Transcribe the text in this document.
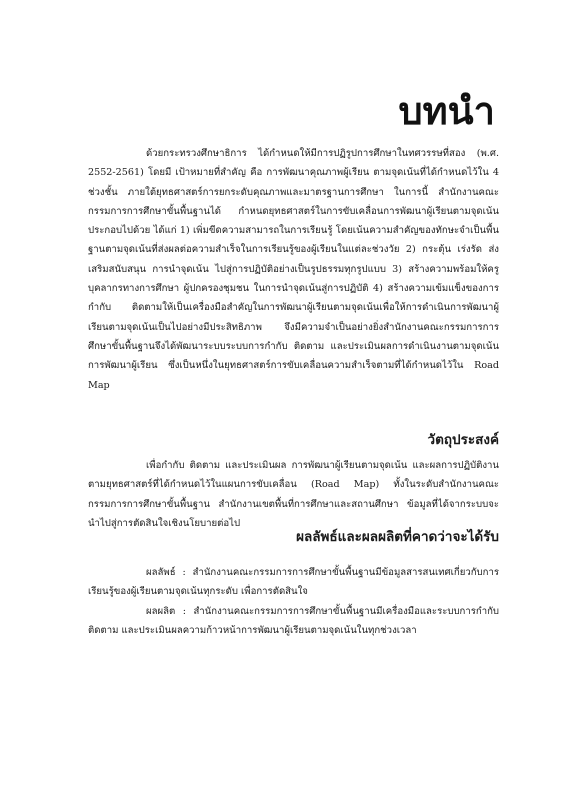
บทนำ

ด้วยกระทรวงศึกษาธิการ ได้กำหนดให้มีการปฏิรูปการศึกษาในทศวรรษที่สอง (พ.ศ. 2552-2561) โดยมี เป้าหมายที่สำคัญ คือ การพัฒนาคุณภาพผู้เรียน ตามจุดเน้นที่ได้กำหนดไว้ใน 4 ช่วงชั้น ภายใต้ยุทธศาสตร์การยกระดับคุณภาพและมาตรฐานการศึกษา ในการนี้ สำนักงานคณะกรรมการการศึกษาขั้นพื้นฐานได้ กำหนดยุทธศาสตร์ในการขับเคลื่อนการพัฒนาผู้เรียนตามจุดเน้น ประกอบไปด้วย ได้แก่ 1) เพิ่มขีดความสามารถในการเรียนรู้ โดยเน้นความสำคัญของทักษะจำเป็นพื้นฐานตามจุดเน้นที่ส่งผลต่อความสำเร็จในการเรียนรู้ของผู้เรียนในแต่ละช่วงวัย 2) กระตุ้น เร่งรัด ส่งเสริมสนับสนุน การนำจุดเน้น ไปสู่การปฏิบัติอย่างเป็นรูปธรรมทุกรูปแบบ 3) สร้างความพร้อมให้ครู บุคลากรทางการศึกษา ผู้ปกครองชุมชน ในการนำจุดเน้นสู่การปฏิบัติ 4) สร้างความเข้มแข็งของการกำกับ ติดตามให้เป็นเครื่องมือสำคัญในการพัฒนาผู้เรียนตามจุดเน้นเพื่อให้การดำเนินการพัฒนาผู้เรียนตามจุดเน้นเป็นไปอย่างมีประสิทธิภาพ จึงมีความจำเป็นอย่างยิ่งสำนักงานคณะกรรมการการศึกษาขั้นพื้นฐานจึงได้พัฒนาระบบระบบการกำกับ ติดตาม และประเมินผลการดำเนินงานตามจุดเน้นการพัฒนาผู้เรียน ซึ่งเป็นหนึ่งในยุทธศาสตร์การขับเคลื่อนความสำเร็จตามที่ได้กำหนดไว้ใน Road Map

วัตถุประสงค์

เพื่อกำกับ ติดตาม และประเมินผล การพัฒนาผู้เรียนตามจุดเน้น และผลการปฏิบัติงานตามยุทธศาสตร์ที่ได้กำหนดไว้ในแผนการขับเคลื่อน (Road Map) ทั้งในระดับสำนักงานคณะกรรมการการศึกษาขั้นพื้นฐาน สำนักงานเขตพื้นที่การศึกษาและสถานศึกษา ข้อมูลที่ได้จากระบบจะนำไปสู่การตัดสินใจเชิงนโยบายต่อไป

ผลลัพธ์และผลผลิตที่คาดว่าจะได้รับ

ผลลัพธ์ : สำนักงานคณะกรรมการการศึกษาขั้นพื้นฐานมีข้อมูลสารสนเทศเกี่ยวกับการเรียนรู้ของผู้เรียนตามจุดเน้นทุกระดับ เพื่อการตัดสินใจ

ผลผลิต : สำนักงานคณะกรรมการการศึกษาขั้นพื้นฐานมีเครื่องมือและระบบการกำกับติดตาม และประเมินผลความก้าวหน้าการพัฒนาผู้เรียนตามจุดเน้นในทุกช่วงเวลา
